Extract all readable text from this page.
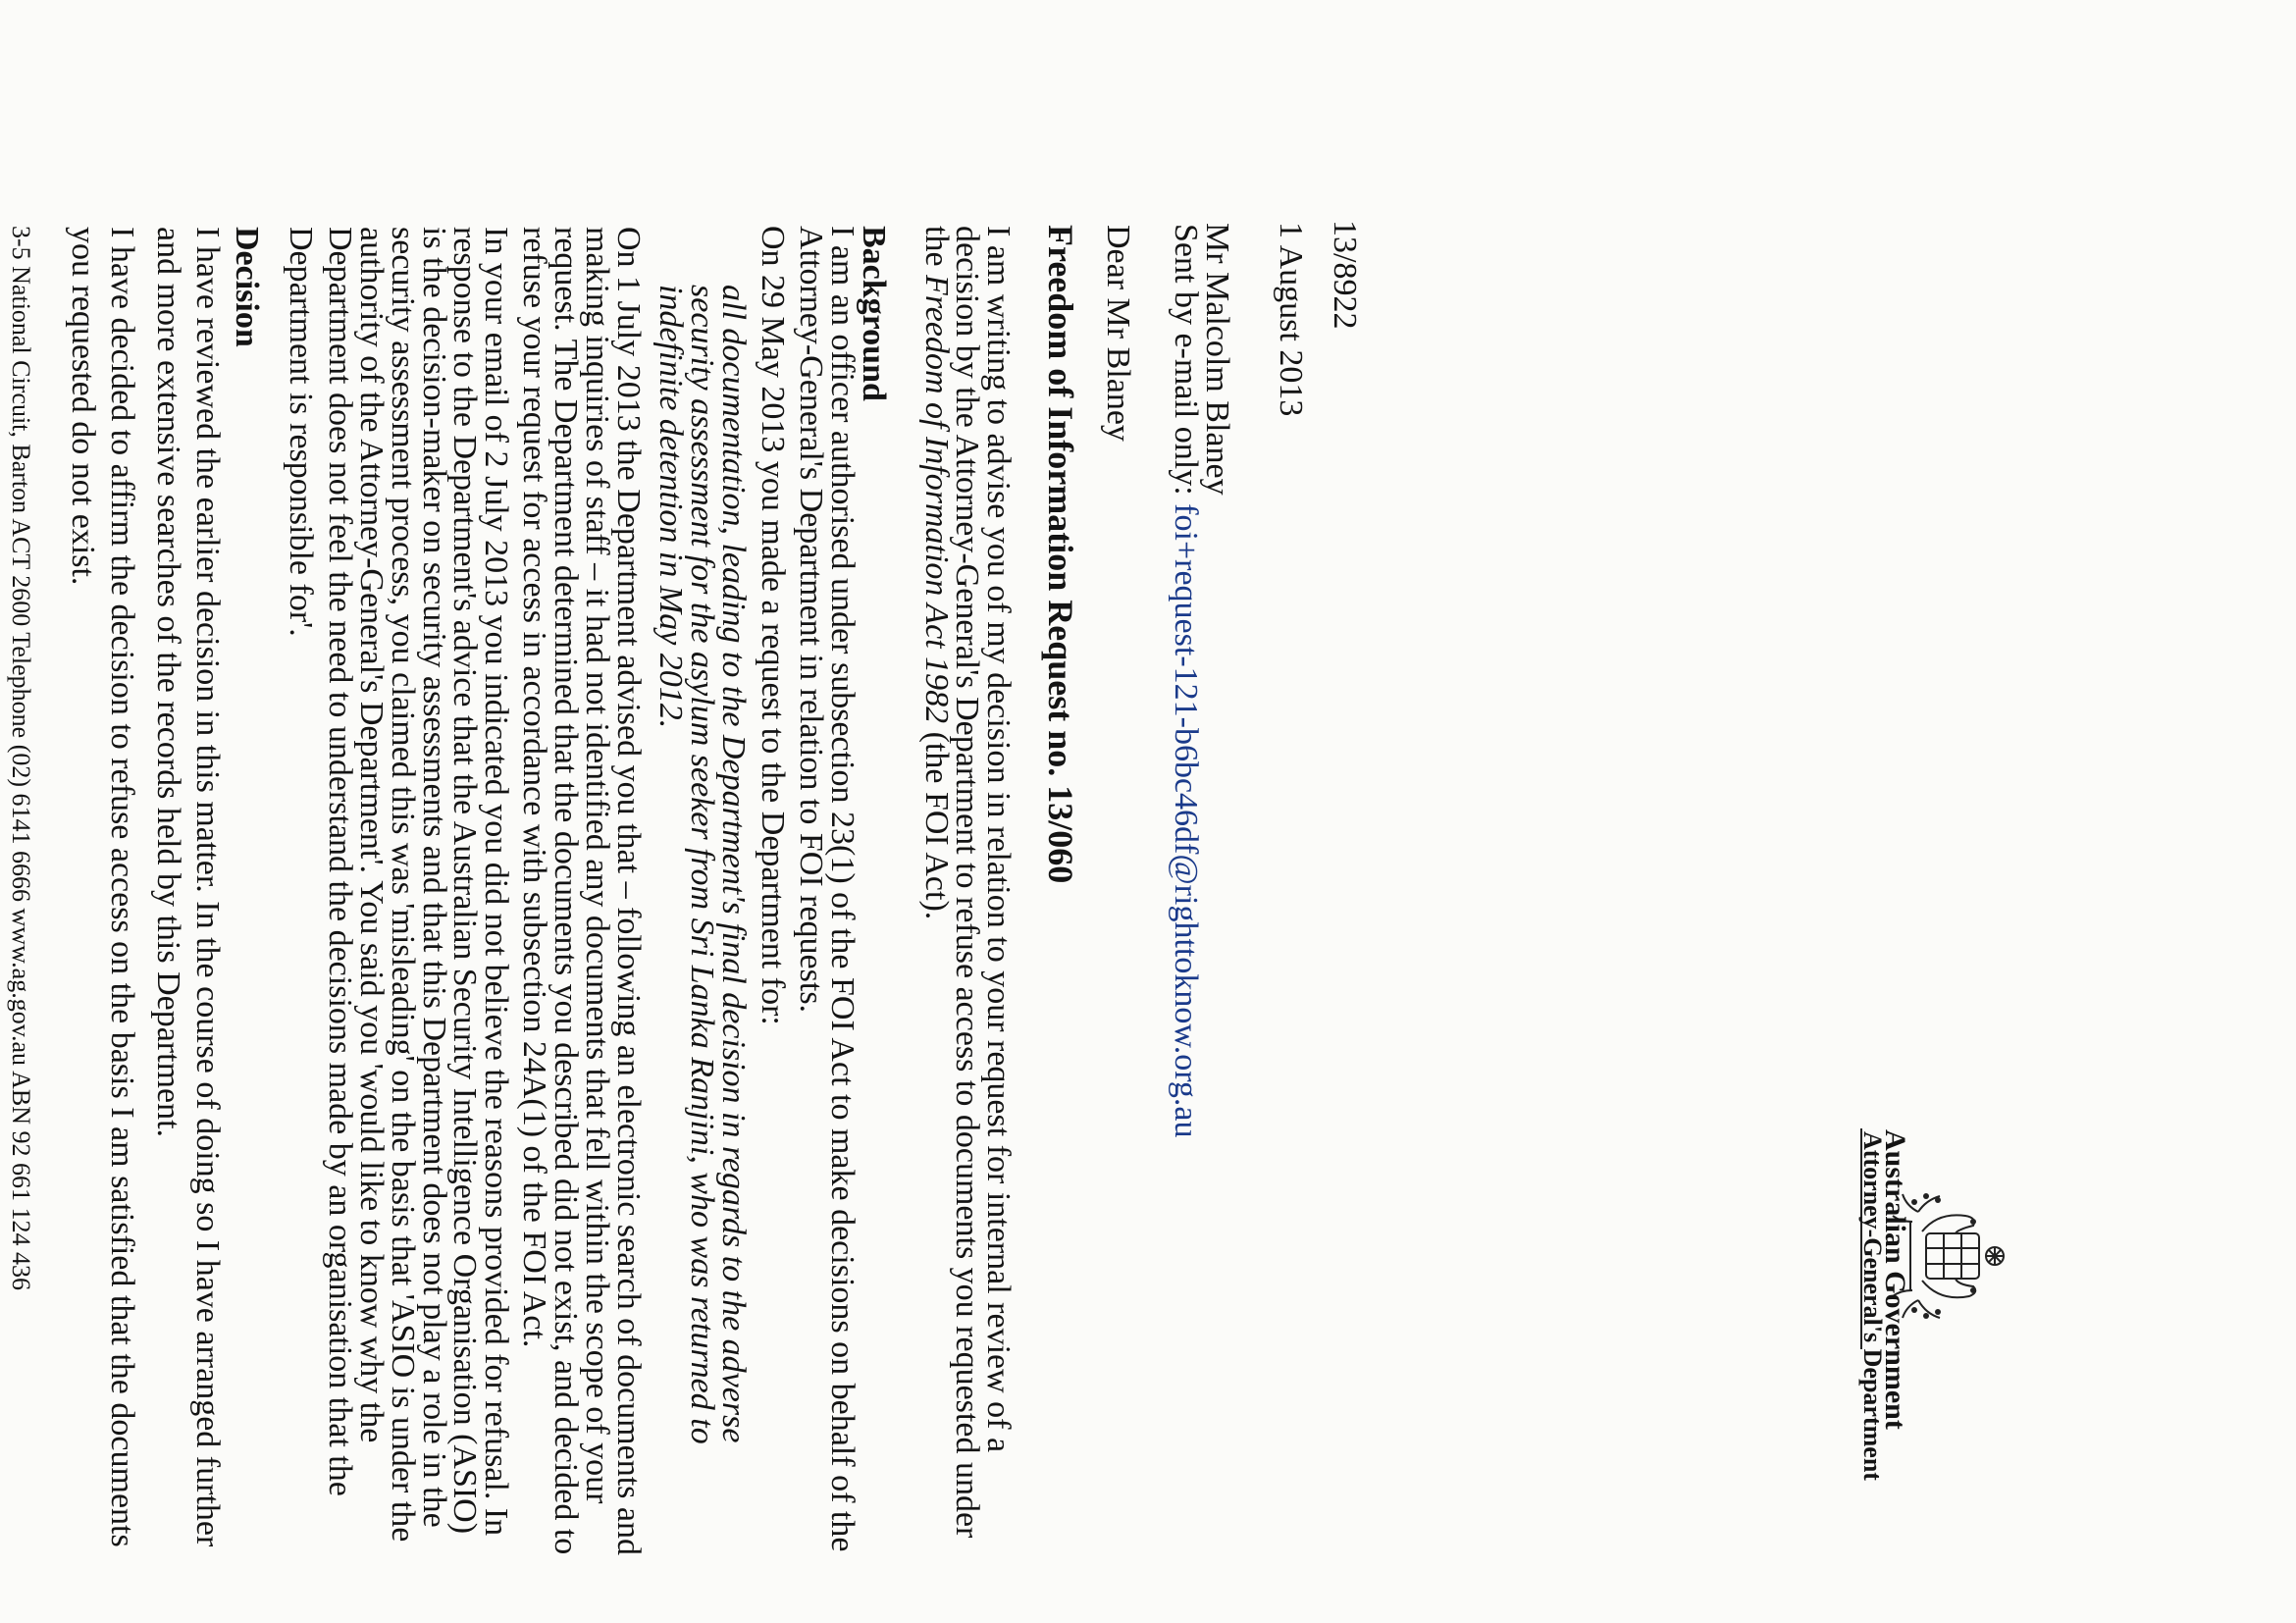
Australian Government
Attorney-General's Department
13/8922
1 August 2013
Mr Malcolm Blaney
Sent by e-mail only: foi+request-121-b6bc46df@righttoknow.org.au
Dear Mr Blaney
Freedom of Information Request no. 13/060
I am writing to advise you of my decision in relation to your request for internal review of a
decision by the Attorney-General's Department to refuse access to documents you requested under
the Freedom of Information Act 1982 (the FOI Act).
Background
I am an officer authorised under subsection 23(1) of the FOI Act to make decisions on behalf of the
Attorney-General's Department in relation to FOI requests.
On 29 May 2013 you made a request to the Department for:
all documentation, leading to the Department's final decision in regards to the adverse
security assessment for the asylum seeker from Sri Lanka Ranjini, who was returned to
indefinite detention in May 2012.
On 1 July 2013 the Department advised you that – following an electronic search of documents and
making inquiries of staff – it had not identified any documents that fell within the scope of your
request. The Department determined that the documents you described did not exist, and decided to
refuse your request for access in accordance with subsection 24A(1) of the FOI Act.
In your email of 2 July 2013 you indicated you did not believe the reasons provided for refusal. In
response to the Department's advice that the Australian Security Intelligence Organisation (ASIO)
is the decision-maker on security assessments and that this Department does not play a role in the
security assessment process, you claimed this was 'misleading' on the basis that 'ASIO is under the
authority of the Attorney-General's Department'. You said you 'would like to know why the
Department does not feel the need to understand the decisions made by an organisation that the
Department is responsible for'.
Decision
I have reviewed the earlier decision in this matter. In the course of doing so I have arranged further
and more extensive searches of the records held by this Department.
I have decided to affirm the decision to refuse access on the basis I am satisfied that the documents
you requested do not exist.
3-5 National Circuit, Barton ACT 2600 Telephone (02) 6141 6666 www.ag.gov.au ABN 92 661 124 436
